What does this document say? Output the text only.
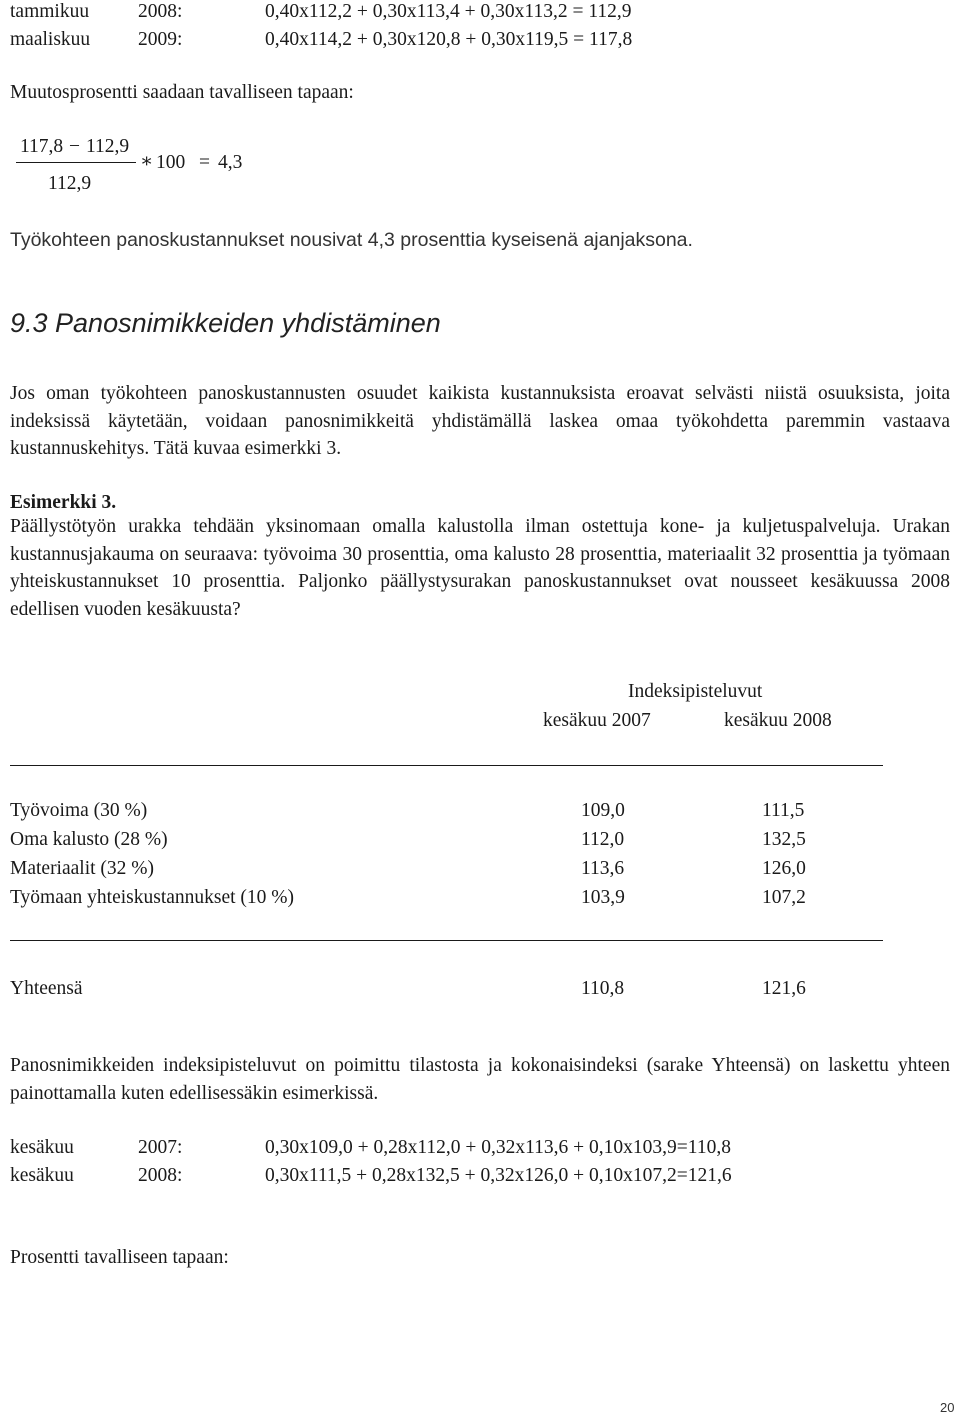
tammikuu	2008:	0,40x112,2 + 0,30x113,4 + 0,30x113,2 = 112,9
maaliskuu 2009:	0,40x114,2 + 0,30x120,8 + 0,30x119,5 = 117,8
Muutosprosentti saadaan tavalliseen tapaan:
117,8 − 112,9
112,9
∗ 100 = 4,3
Työkohteen panoskustannukset nousivat 4,3 prosenttia kyseisenä ajanjaksona.
9.3 Panosnimikkeiden yhdistäminen
Jos oman työkohteen panoskustannusten osuudet kaikista kustannuksista eroavat selvästi niistä osuuksista, joita indeksissä käytetään, voidaan panosnimikkeitä yhdistämällä laskea omaa työkohdetta paremmin vastaava kustannuskehitys. Tätä kuvaa esimerkki 3.
Esimerkki 3.
Päällystötyön urakka tehdään yksinomaan omalla kalustolla ilman ostettuja kone- ja kuljetuspalveluja. Urakan kustannusjakauma on seuraava: työvoima 30 prosenttia, oma kalusto 28 prosenttia, materiaalit 32 prosenttia ja työmaan yhteiskustannukset 10 prosenttia. Paljonko päällystysurakan panoskustannukset ovat nousseet kesäkuussa 2008 edellisen vuoden kesäkuusta?
Indeksipisteluvut
kesäkuu 2007	kesäkuu 2008
Työvoima (30 %)	109,0	111,5
Oma kalusto (28 %)	112,0	132,5
Materiaalit (32 %)	113,6	126,0
Työmaan yhteiskustannukset (10 %)	103,9	107,2
Yhteensä	110,8	121,6
Panosnimikkeiden indeksipisteluvut on poimittu tilastosta ja kokonaisindeksi (sarake Yhteensä) on laskettu yhteen painottamalla kuten edellisessäkin esimerkissä.
kesäkuu	2007:	0,30x109,0 + 0,28x112,0 + 0,32x113,6 + 0,10x103,9=110,8
kesäkuu	2008:	0,30x111,5 + 0,28x132,5 + 0,32x126,0 + 0,10x107,2=121,6
Prosentti tavalliseen tapaan:
20
